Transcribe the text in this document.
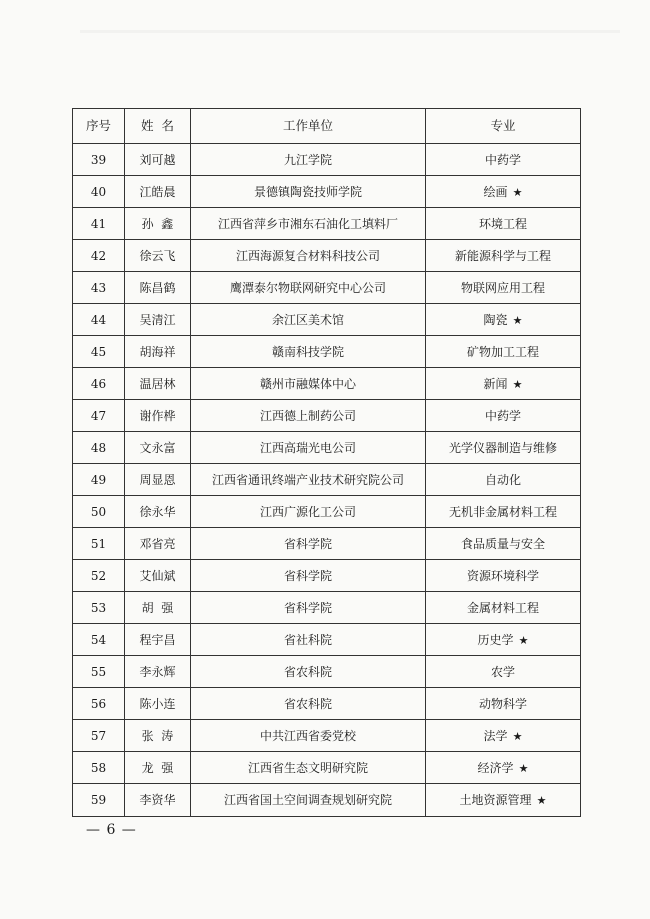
序号	姓  名	工作单位	专业
39	刘可越	九江学院	中药学
40	江皓晨	景德镇陶瓷技师学院	绘画 ★
41	孙  鑫	江西省萍乡市湘东石油化工填料厂	环境工程
42	徐云飞	江西海源复合材料科技公司	新能源科学与工程
43	陈昌鹤	鹰潭泰尔物联网研究中心公司	物联网应用工程
44	吴清江	余江区美术馆	陶瓷 ★
45	胡海祥	赣南科技学院	矿物加工工程
46	温居林	赣州市融媒体中心	新闻 ★
47	谢作桦	江西德上制药公司	中药学
48	文永富	江西高瑞光电公司	光学仪器制造与维修
49	周显恩	江西省通讯终端产业技术研究院公司	自动化
50	徐永华	江西广源化工公司	无机非金属材料工程
51	邓省亮	省科学院	食品质量与安全
52	艾仙斌	省科学院	资源环境科学
53	胡  强	省科学院	金属材料工程
54	程宇昌	省社科院	历史学 ★
55	李永辉	省农科院	农学
56	陈小连	省农科院	动物科学
57	张  涛	中共江西省委党校	法学 ★
58	龙  强	江西省生态文明研究院	经济学 ★
59	李资华	江西省国土空间调查规划研究院	土地资源管理 ★
— 6 —
